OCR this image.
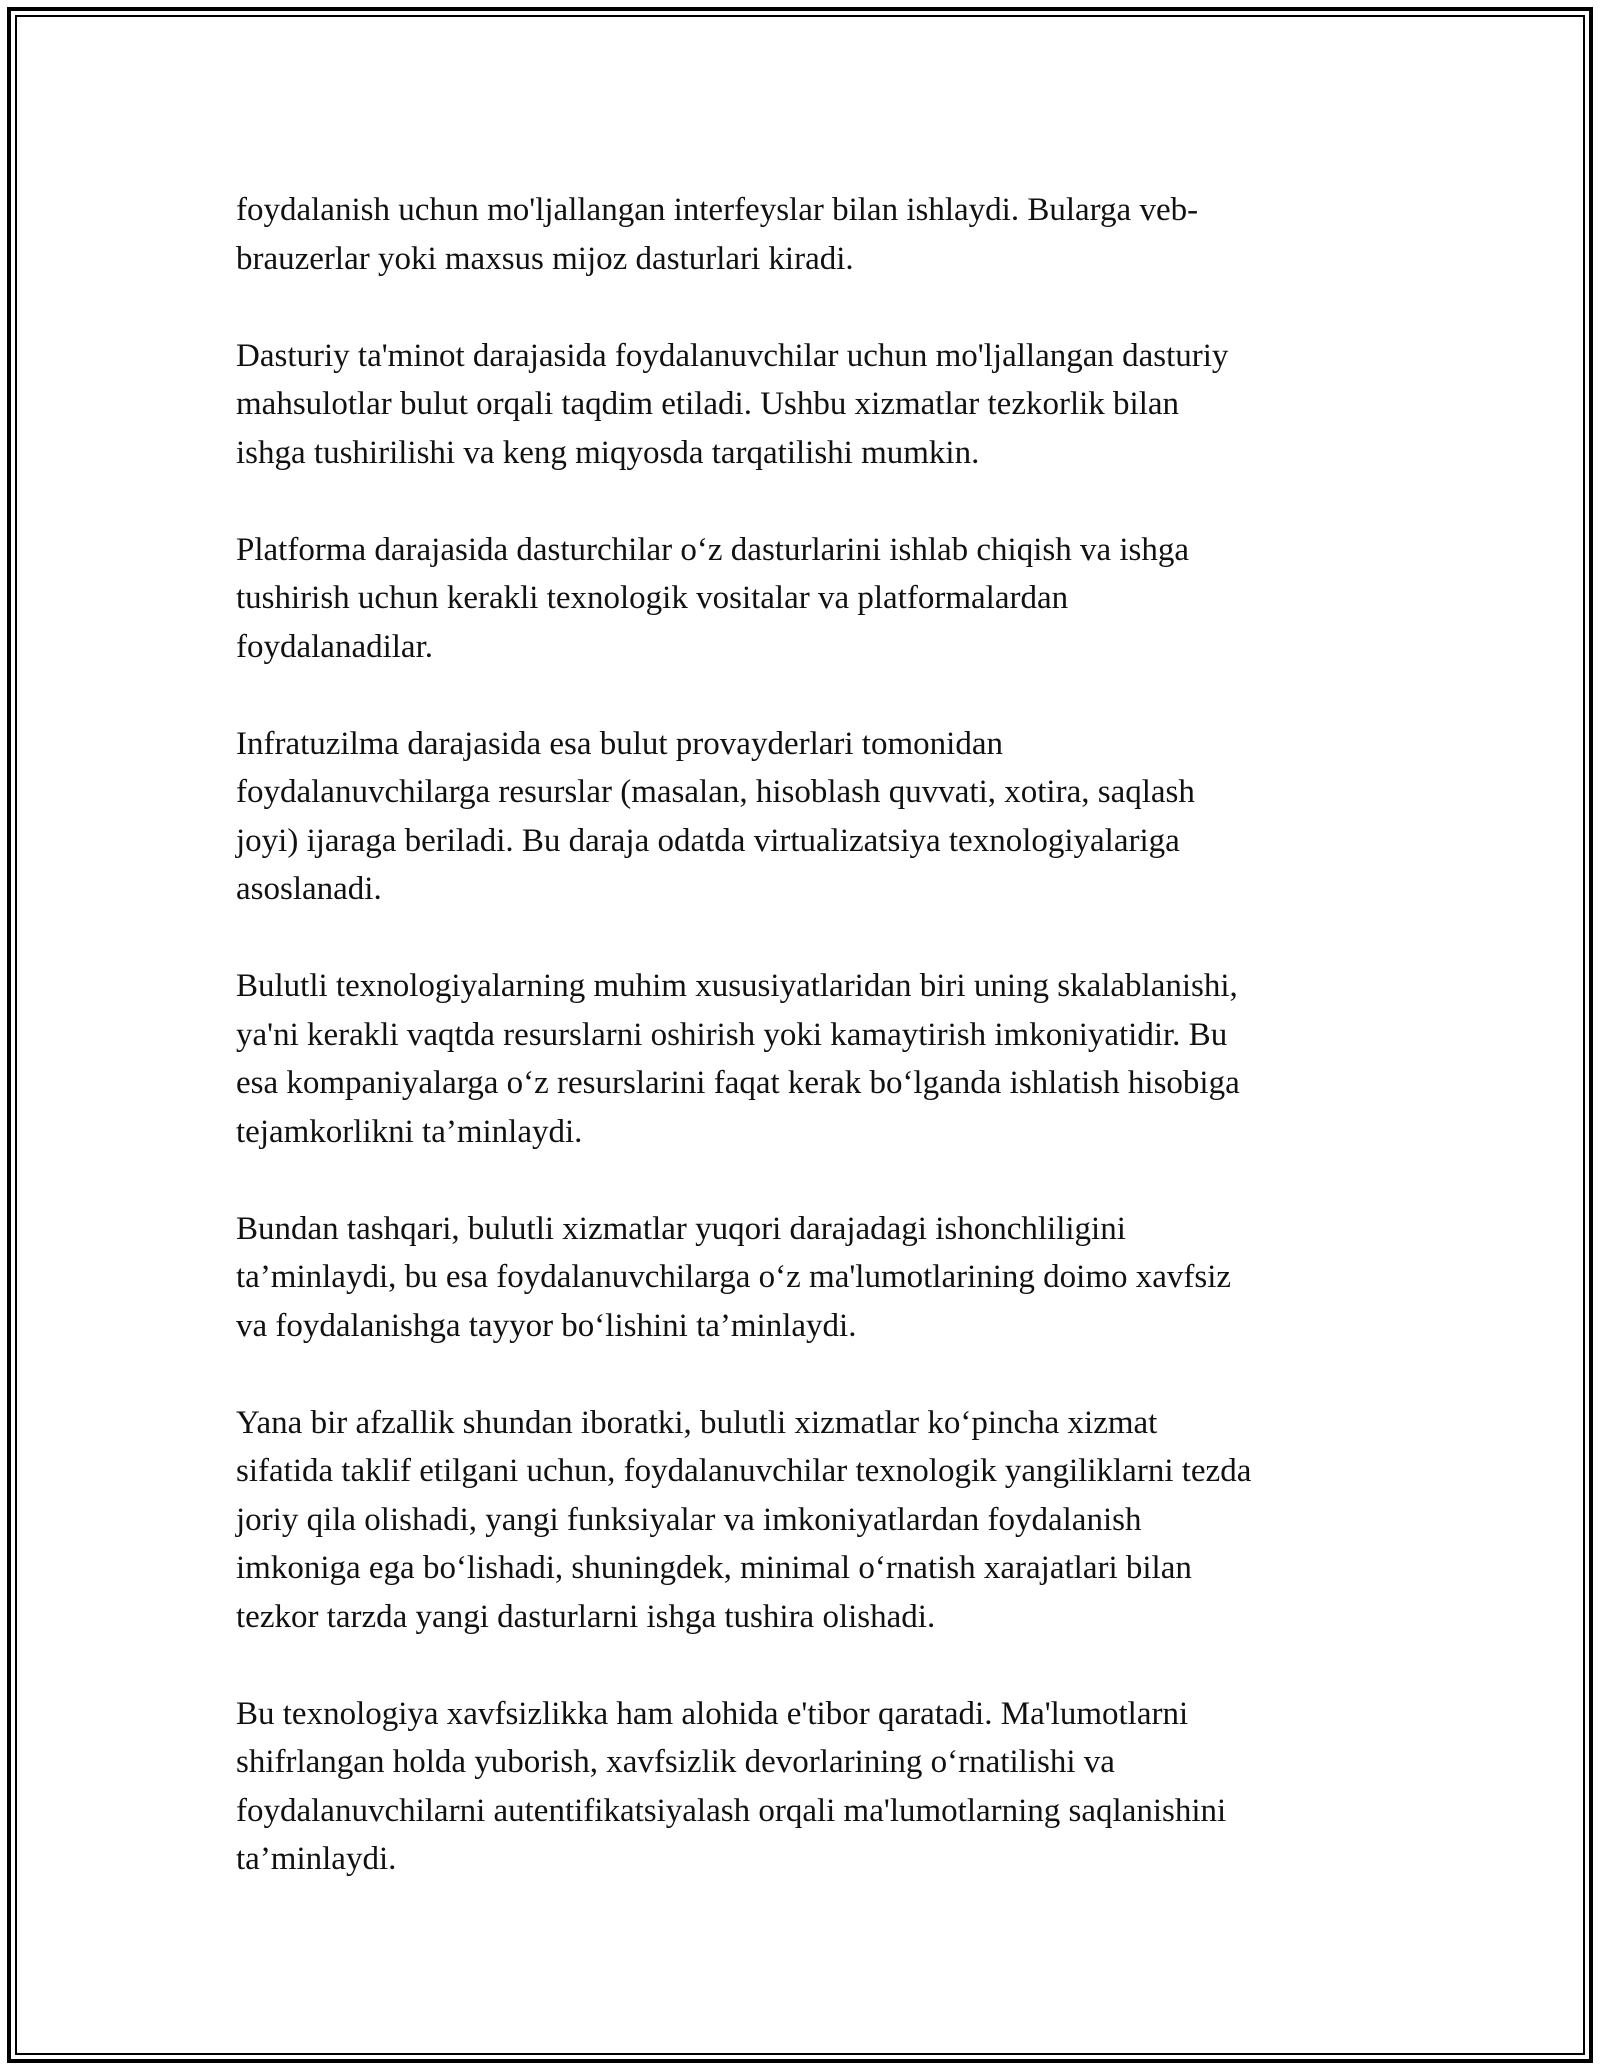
foydalanish uchun mo'ljallangan interfeyslar bilan ishlaydi. Bularga veb-
brauzerlar yoki maxsus mijoz dasturlari kiradi.

Dasturiy ta'minot darajasida foydalanuvchilar uchun mo'ljallangan dasturiy
mahsulotlar bulut orqali taqdim etiladi. Ushbu xizmatlar tezkorlik bilan
ishga tushirilishi va keng miqyosda tarqatilishi mumkin.

Platforma darajasida dasturchilar oʻz dasturlarini ishlab chiqish va ishga
tushirish uchun kerakli texnologik vositalar va platformalardan
foydalanadilar.

Infratuzilma darajasida esa bulut provayderlari tomonidan
foydalanuvchilarga resurslar (masalan, hisoblash quvvati, xotira, saqlash
joyi) ijaraga beriladi. Bu daraja odatda virtualizatsiya texnologiyalariga
asoslanadi.

Bulutli texnologiyalarning muhim xususiyatlaridan biri uning skalablanishi,
ya'ni kerakli vaqtda resurslarni oshirish yoki kamaytirish imkoniyatidir. Bu
esa kompaniyalarga oʻz resurslarini faqat kerak boʻlganda ishlatish hisobiga
tejamkorlikni ta’minlaydi.

Bundan tashqari, bulutli xizmatlar yuqori darajadagi ishonchliligini
ta’minlaydi, bu esa foydalanuvchilarga oʻz ma'lumotlarining doimo xavfsiz
va foydalanishga tayyor boʻlishini ta’minlaydi.

Yana bir afzallik shundan iboratki, bulutli xizmatlar koʻpincha xizmat
sifatida taklif etilgani uchun, foydalanuvchilar texnologik yangiliklarni tezda
joriy qila olishadi, yangi funksiyalar va imkoniyatlardan foydalanish
imkoniga ega boʻlishadi, shuningdek, minimal oʻrnatish xarajatlari bilan
tezkor tarzda yangi dasturlarni ishga tushira olishadi.

Bu texnologiya xavfsizlikka ham alohida e'tibor qaratadi. Ma'lumotlarni
shifrlangan holda yuborish, xavfsizlik devorlarining oʻrnatilishi va
foydalanuvchilarni autentifikatsiyalash orqali ma'lumotlarning saqlanishini
ta’minlaydi.
